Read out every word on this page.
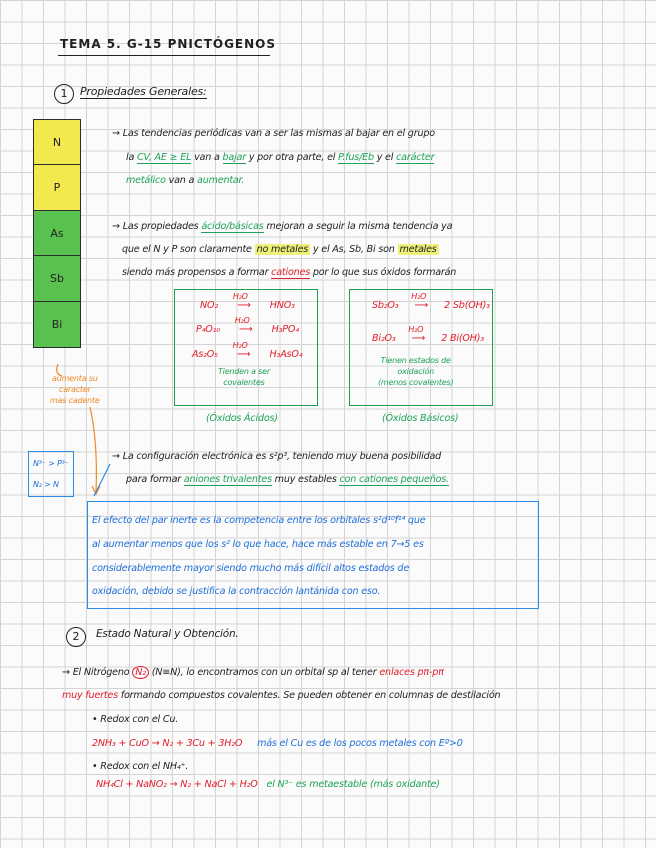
TEMA 5. G-15 PNICTÓGENOS
1	Propiedades Generales:
N
P
As
Sb
Bi
aumenta su
caracter
mas cadente
N³⁻ > P³⁻
N₂ > N
→ Las tendencias periódicas van a ser las mismas al bajar en el grupo
la CV, AE ≥ EL van a bajar y por otra parte, el P.fus/Eb y el carácter
metálico van a aumentar.
→ Las propiedades ácido/básicas mejoran a seguir la misma tendencia ya
que el N y P son claramente no metales y el As, Sb, Bi son metales
siendo más propensos a formar cationes por lo que sus óxidos formarán
NO₂
H₂O
⟶ HNO₃
P₄O₁₀
H₂O
⟶ H₃PO₄
As₂O₅
H₂O
⟶ H₃AsO₄
Tienden a ser
covalentes
(Óxidos Ácidos)
Sb₂O₃
H₂O
⟶ 2 Sb(OH)₃
Bi₂O₃
H₂O
⟶ 2 Bi(OH)₃
Tienen estados de
oxidación
(menos covalentes)
(Óxidos Básicos)
→ La configuración electrónica es s²p³, teniendo muy buena posibilidad
para formar aniones trivalentes muy estables con cationes pequeños.
El efecto del par inerte es la competencia entre los orbitales s²d¹⁰f¹⁴ que
al aumentar menos que los s² lo que hace, hace más estable en 7→5 es
considerablemente mayor siendo mucho más difícil altos estados de
oxidación, debido se justifica la contracción lantánida con eso.
2	Estado Natural y Obtención.
→ El Nitrógeno N₂ (N≡N), lo encontramos con un orbital sp al tener enlaces pπ-pπ
muy fuertes formando compuestos covalentes. Se pueden obtener en columnas de destilación
• Redox con el Cu.
2NH₃ + CuO → N₂ + 3Cu + 3H₂O más el Cu es de los pocos metales con Eº>0
• Redox con el NH₄⁺.
NH₄Cl + NaNO₂ → N₂ + NaCl + H₂O el N³⁻ es metaestable (más oxidante)
